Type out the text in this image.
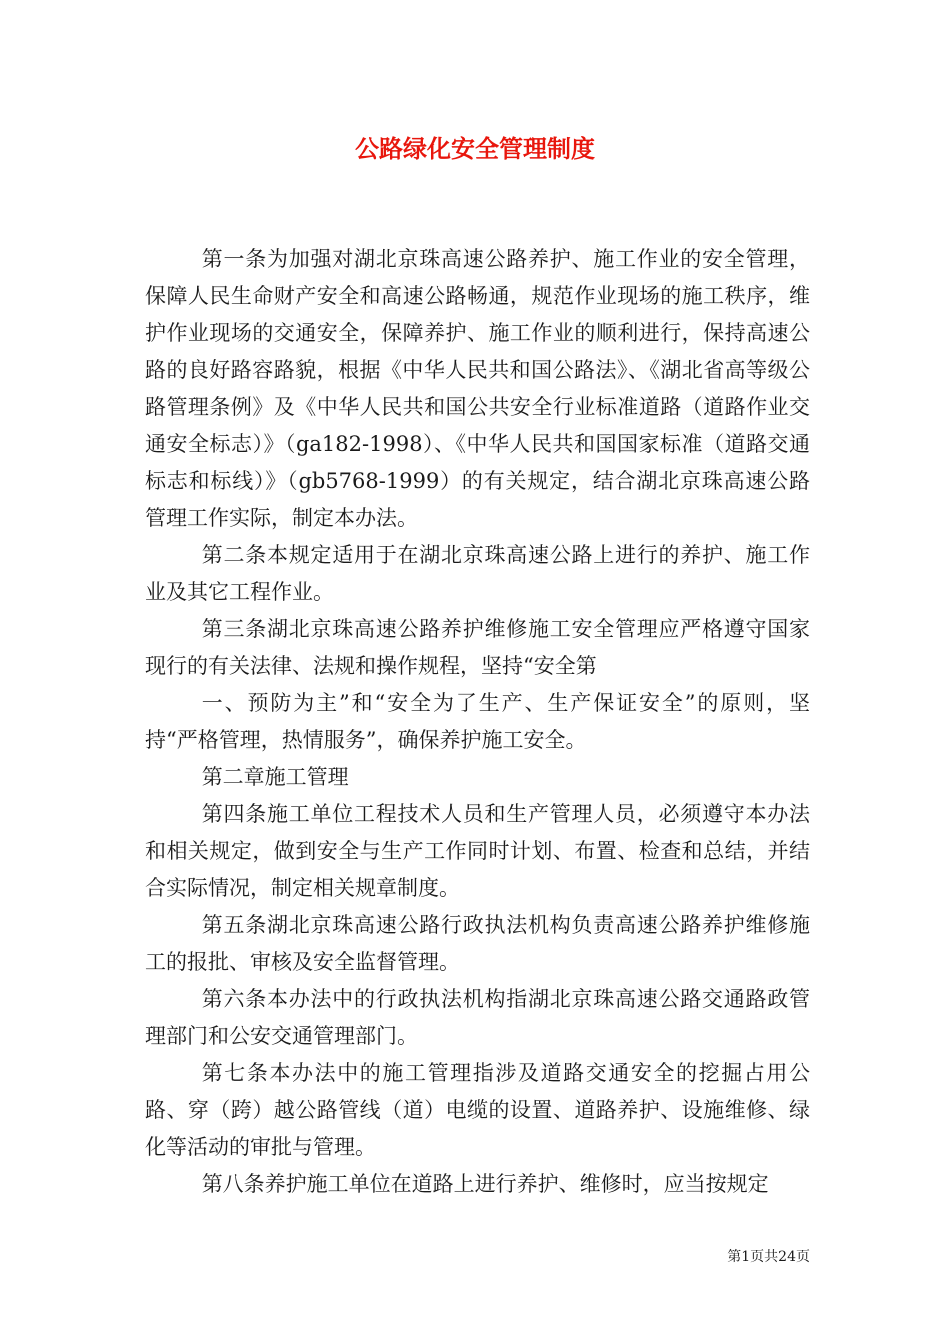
公路绿化安全管理制度

第一条为加强对湖北京珠高速公路养护、施工作业的安全管理，保障人民生命财产安全和高速公路畅通，规范作业现场的施工秩序，维护作业现场的交通安全，保障养护、施工作业的顺利进行，保持高速公路的良好路容路貌，根据《中华人民共和国公路法》、《湖北省高等级公路管理条例》及《中华人民共和国公共安全行业标准道路（道路作业交通安全标志）》（ga182-1998）、《中华人民共和国国家标准（道路交通标志和标线）》（gb5768-1999）的有关规定，结合湖北京珠高速公路管理工作实际，制定本办法。

第二条本规定适用于在湖北京珠高速公路上进行的养护、施工作业及其它工程作业。

第三条湖北京珠高速公路养护维修施工安全管理应严格遵守国家现行的有关法律、法规和操作规程，坚持“安全第

一、预防为主”和“安全为了生产、生产保证安全”的原则，坚持“严格管理，热情服务”，确保养护施工安全。

第二章施工管理

第四条施工单位工程技术人员和生产管理人员，必须遵守本办法和相关规定，做到安全与生产工作同时计划、布置、检查和总结，并结合实际情况，制定相关规章制度。

第五条湖北京珠高速公路行政执法机构负责高速公路养护维修施工的报批、审核及安全监督管理。

第六条本办法中的行政执法机构指湖北京珠高速公路交通路政管理部门和公安交通管理部门。

第七条本办法中的施工管理指涉及道路交通安全的挖掘占用公路、穿（跨）越公路管线（道）电缆的设置、道路养护、设施维修、绿化等活动的审批与管理。

第八条养护施工单位在道路上进行养护、维修时，应当按规定

第1页共24页
